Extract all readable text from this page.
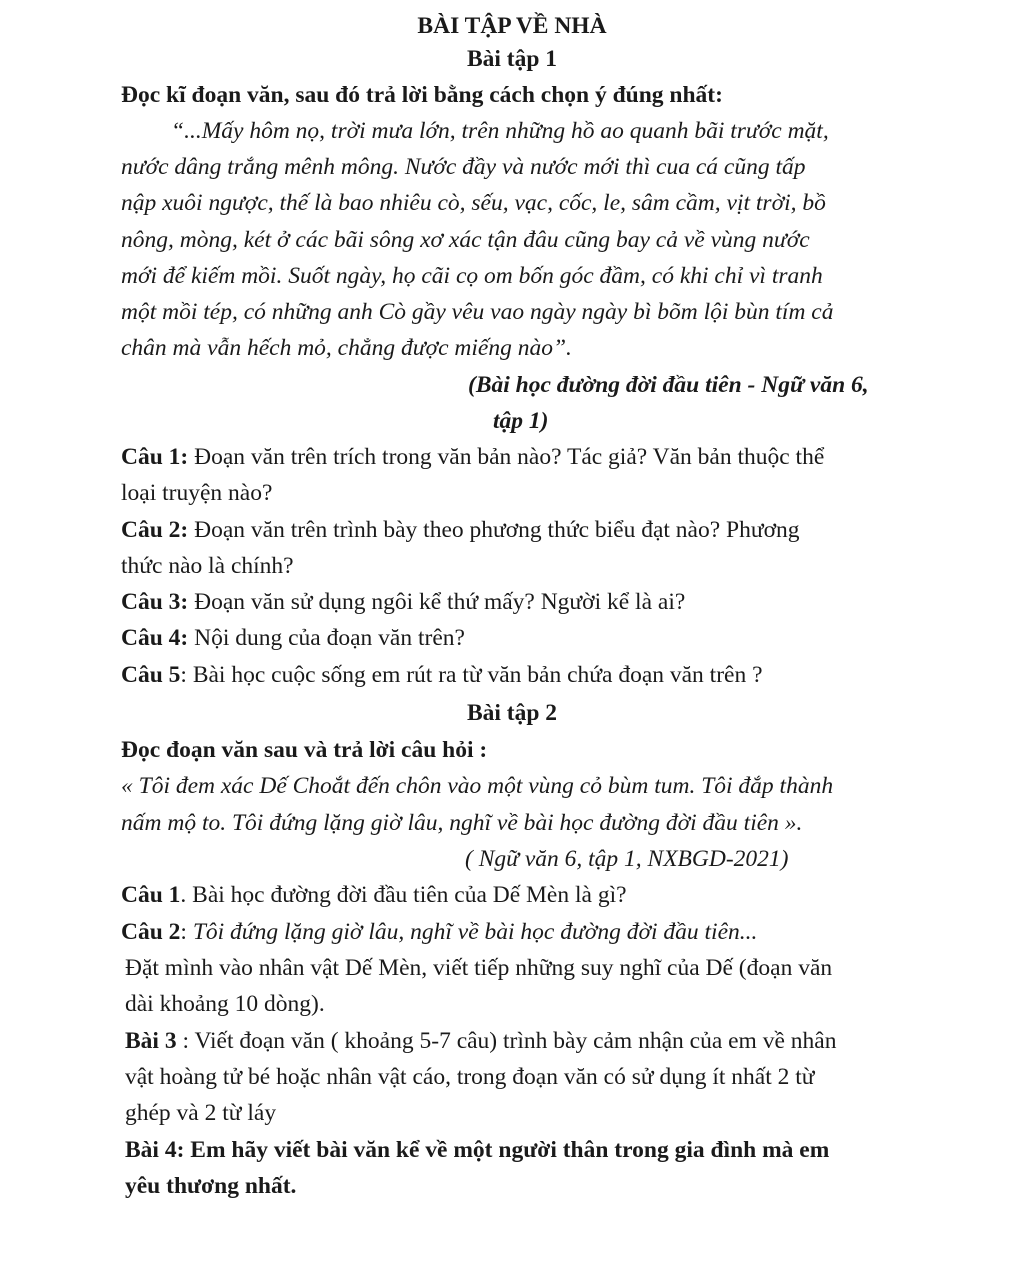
BÀI TẬP VỀ NHÀ
Bài tập 1
Đọc kĩ đoạn văn, sau đó trả lời bằng cách chọn ý đúng nhất:
“...Mấy hôm nọ, trời mưa lớn, trên những hồ ao quanh bãi trước mặt,
nước dâng trắng mênh mông. Nước đầy và nước mới thì cua cá cũng tấp
nập xuôi ngược, thế là bao nhiêu cò, sếu, vạc, cốc, le, sâm cầm, vịt trời, bồ
nông, mòng, két ở các bãi sông xơ xác tận đâu cũng bay cả về vùng nước
mới để kiếm mồi. Suốt ngày, họ cãi cọ om bốn góc đầm, có khi chỉ vì tranh
một mồi tép, có những anh Cò gầy vêu vao ngày ngày bì bõm lội bùn tím cả
chân mà vẫn hếch mỏ, chẳng được miếng nào”.
(Bài học đường đời đầu tiên - Ngữ văn 6,
tập 1)
Câu 1: Đoạn văn trên trích trong văn bản nào? Tác giả? Văn bản thuộc thể
loại truyện nào?
Câu 2: Đoạn văn trên trình bày theo phương thức biểu đạt nào? Phương
thức nào là chính?
Câu 3: Đoạn văn sử dụng ngôi kể thứ mấy? Người kể là ai?
Câu 4: Nội dung của đoạn văn trên?
Câu 5: Bài học cuộc sống em rút ra từ văn bản chứa đoạn văn trên ?
Bài tập 2
Đọc đoạn văn sau và trả lời câu hỏi :
« Tôi đem xác Dế Choắt đến chôn vào một vùng cỏ bùm tum. Tôi đắp thành
nấm mộ to. Tôi đứng lặng giờ lâu, nghĩ về bài học đường đời đầu tiên ».
( Ngữ văn 6, tập 1, NXBGD-2021)
Câu 1. Bài học đường đời đầu tiên của Dế Mèn là gì?
Câu 2: Tôi đứng lặng giờ lâu, nghĩ về bài học đường đời đầu tiên...
Đặt mình vào nhân vật Dế Mèn, viết tiếp những suy nghĩ của Dế (đoạn văn
dài khoảng 10 dòng).
Bài 3 : Viết đoạn văn ( khoảng 5-7 câu) trình bày cảm nhận của em về nhân
vật hoàng tử bé hoặc nhân vật cáo, trong đoạn văn có sử dụng ít nhất 2 từ
ghép và 2 từ láy
Bài 4: Em hãy viết bài văn kể về một người thân trong gia đình mà em
yêu thương nhất.
